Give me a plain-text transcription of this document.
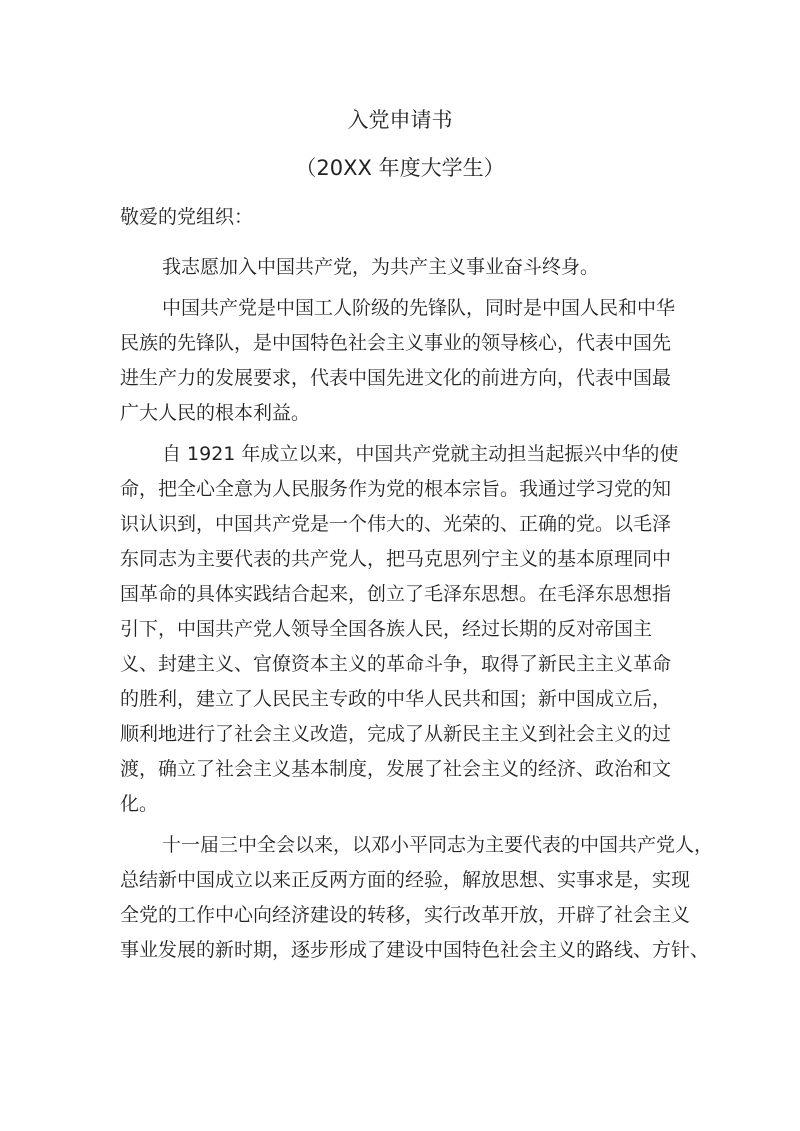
入党申请书
（20XX 年度大学生）
敬爱的党组织：
我志愿加入中国共产党，为共产主义事业奋斗终身。
中国共产党是中国工人阶级的先锋队，同时是中国人民和中华
民族的先锋队，是中国特色社会主义事业的领导核心，代表中国先
进生产力的发展要求，代表中国先进文化的前进方向，代表中国最
广大人民的根本利益。
自 1921 年成立以来，中国共产党就主动担当起振兴中华的使
命，把全心全意为人民服务作为党的根本宗旨。我通过学习党的知
识认识到，中国共产党是一个伟大的、光荣的、正确的党。以毛泽
东同志为主要代表的共产党人，把马克思列宁主义的基本原理同中
国革命的具体实践结合起来，创立了毛泽东思想。在毛泽东思想指
引下，中国共产党人领导全国各族人民，经过长期的反对帝国主
义、封建主义、官僚资本主义的革命斗争，取得了新民主主义革命
的胜利，建立了人民民主专政的中华人民共和国；新中国成立后，
顺利地进行了社会主义改造，完成了从新民主主义到社会主义的过
渡，确立了社会主义基本制度，发展了社会主义的经济、政治和文
化。
十一届三中全会以来，以邓小平同志为主要代表的中国共产党人，
总结新中国成立以来正反两方面的经验，解放思想、实事求是，实现
全党的工作中心向经济建设的转移，实行改革开放，开辟了社会主义
事业发展的新时期，逐步形成了建设中国特色社会主义的路线、方针、
